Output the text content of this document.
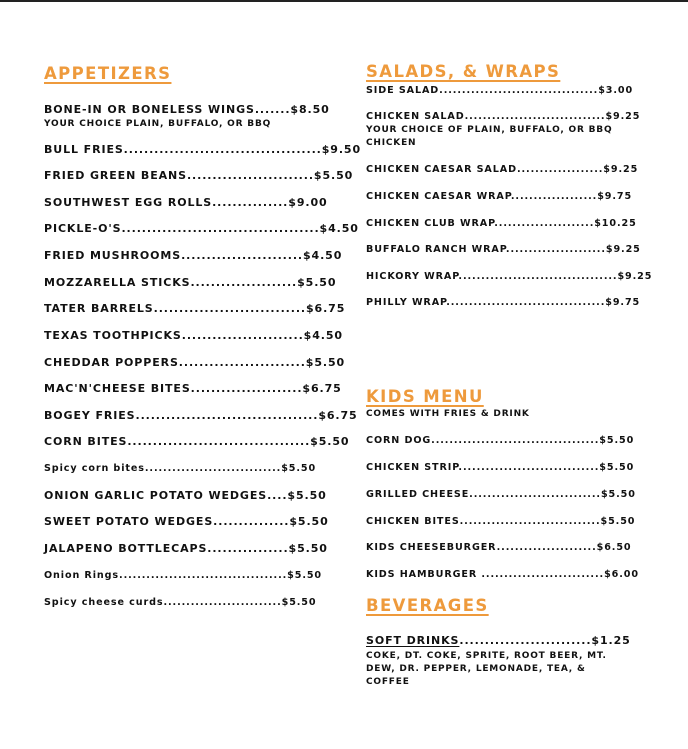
APPETIZERS

BONE-IN OR BONELESS WINGS.......$8.50

YOUR CHOICE PLAIN, BUFFALO, OR BBQ

BULL FRIES.......................................$9.50

FRIED GREEN BEANS.........................$5.50

SOUTHWEST EGG ROLLS...............$9.00

PICKLE-O'S.......................................$4.50

FRIED MUSHROOMS........................$4.50

MOZZARELLA STICKS.....................$5.50

TATER BARRELS..............................$6.75

TEXAS TOOTHPICKS........................$4.50

CHEDDAR POPPERS.........................$5.50

MAC'N'CHEESE BITES......................$6.75

BOGEY FRIES....................................$6.75

CORN BITES....................................$5.50

Spicy corn bites..............................$5.50

ONION GARLIC POTATO WEDGES....$5.50

SWEET POTATO WEDGES...............$5.50

JALAPENO BOTTLECAPS................$5.50

Onion Rings.....................................$5.50

Spicy cheese curds..........................$5.50

SALADS, & WRAPS

SIDE SALAD...................................$3.00

CHICKEN SALAD...............................$9.25

YOUR CHOICE OF PLAIN, BUFFALO, OR BBQ CHICKEN

CHICKEN CAESAR SALAD...................$9.25

CHICKEN CAESAR WRAP...................$9.75

CHICKEN CLUB WRAP......................$10.25

BUFFALO RANCH WRAP......................$9.25

HICKORY WRAP...................................$9.25

PHILLY WRAP...................................$9.75

KIDS MENU

COMES WITH FRIES & DRINK

CORN DOG.....................................$5.50

CHICKEN STRIP...............................$5.50

GRILLED CHEESE.............................$5.50

CHICKEN BITES...............................$5.50

KIDS CHEESEBURGER......................$6.50

KIDS HAMBURGER ...........................$6.00

BEVERAGES

SOFT DRINKS..........................$1.25

COKE, DT. COKE, SPRITE, ROOT BEER, MT. DEW, DR. PEPPER, LEMONADE, TEA, & COFFEE
